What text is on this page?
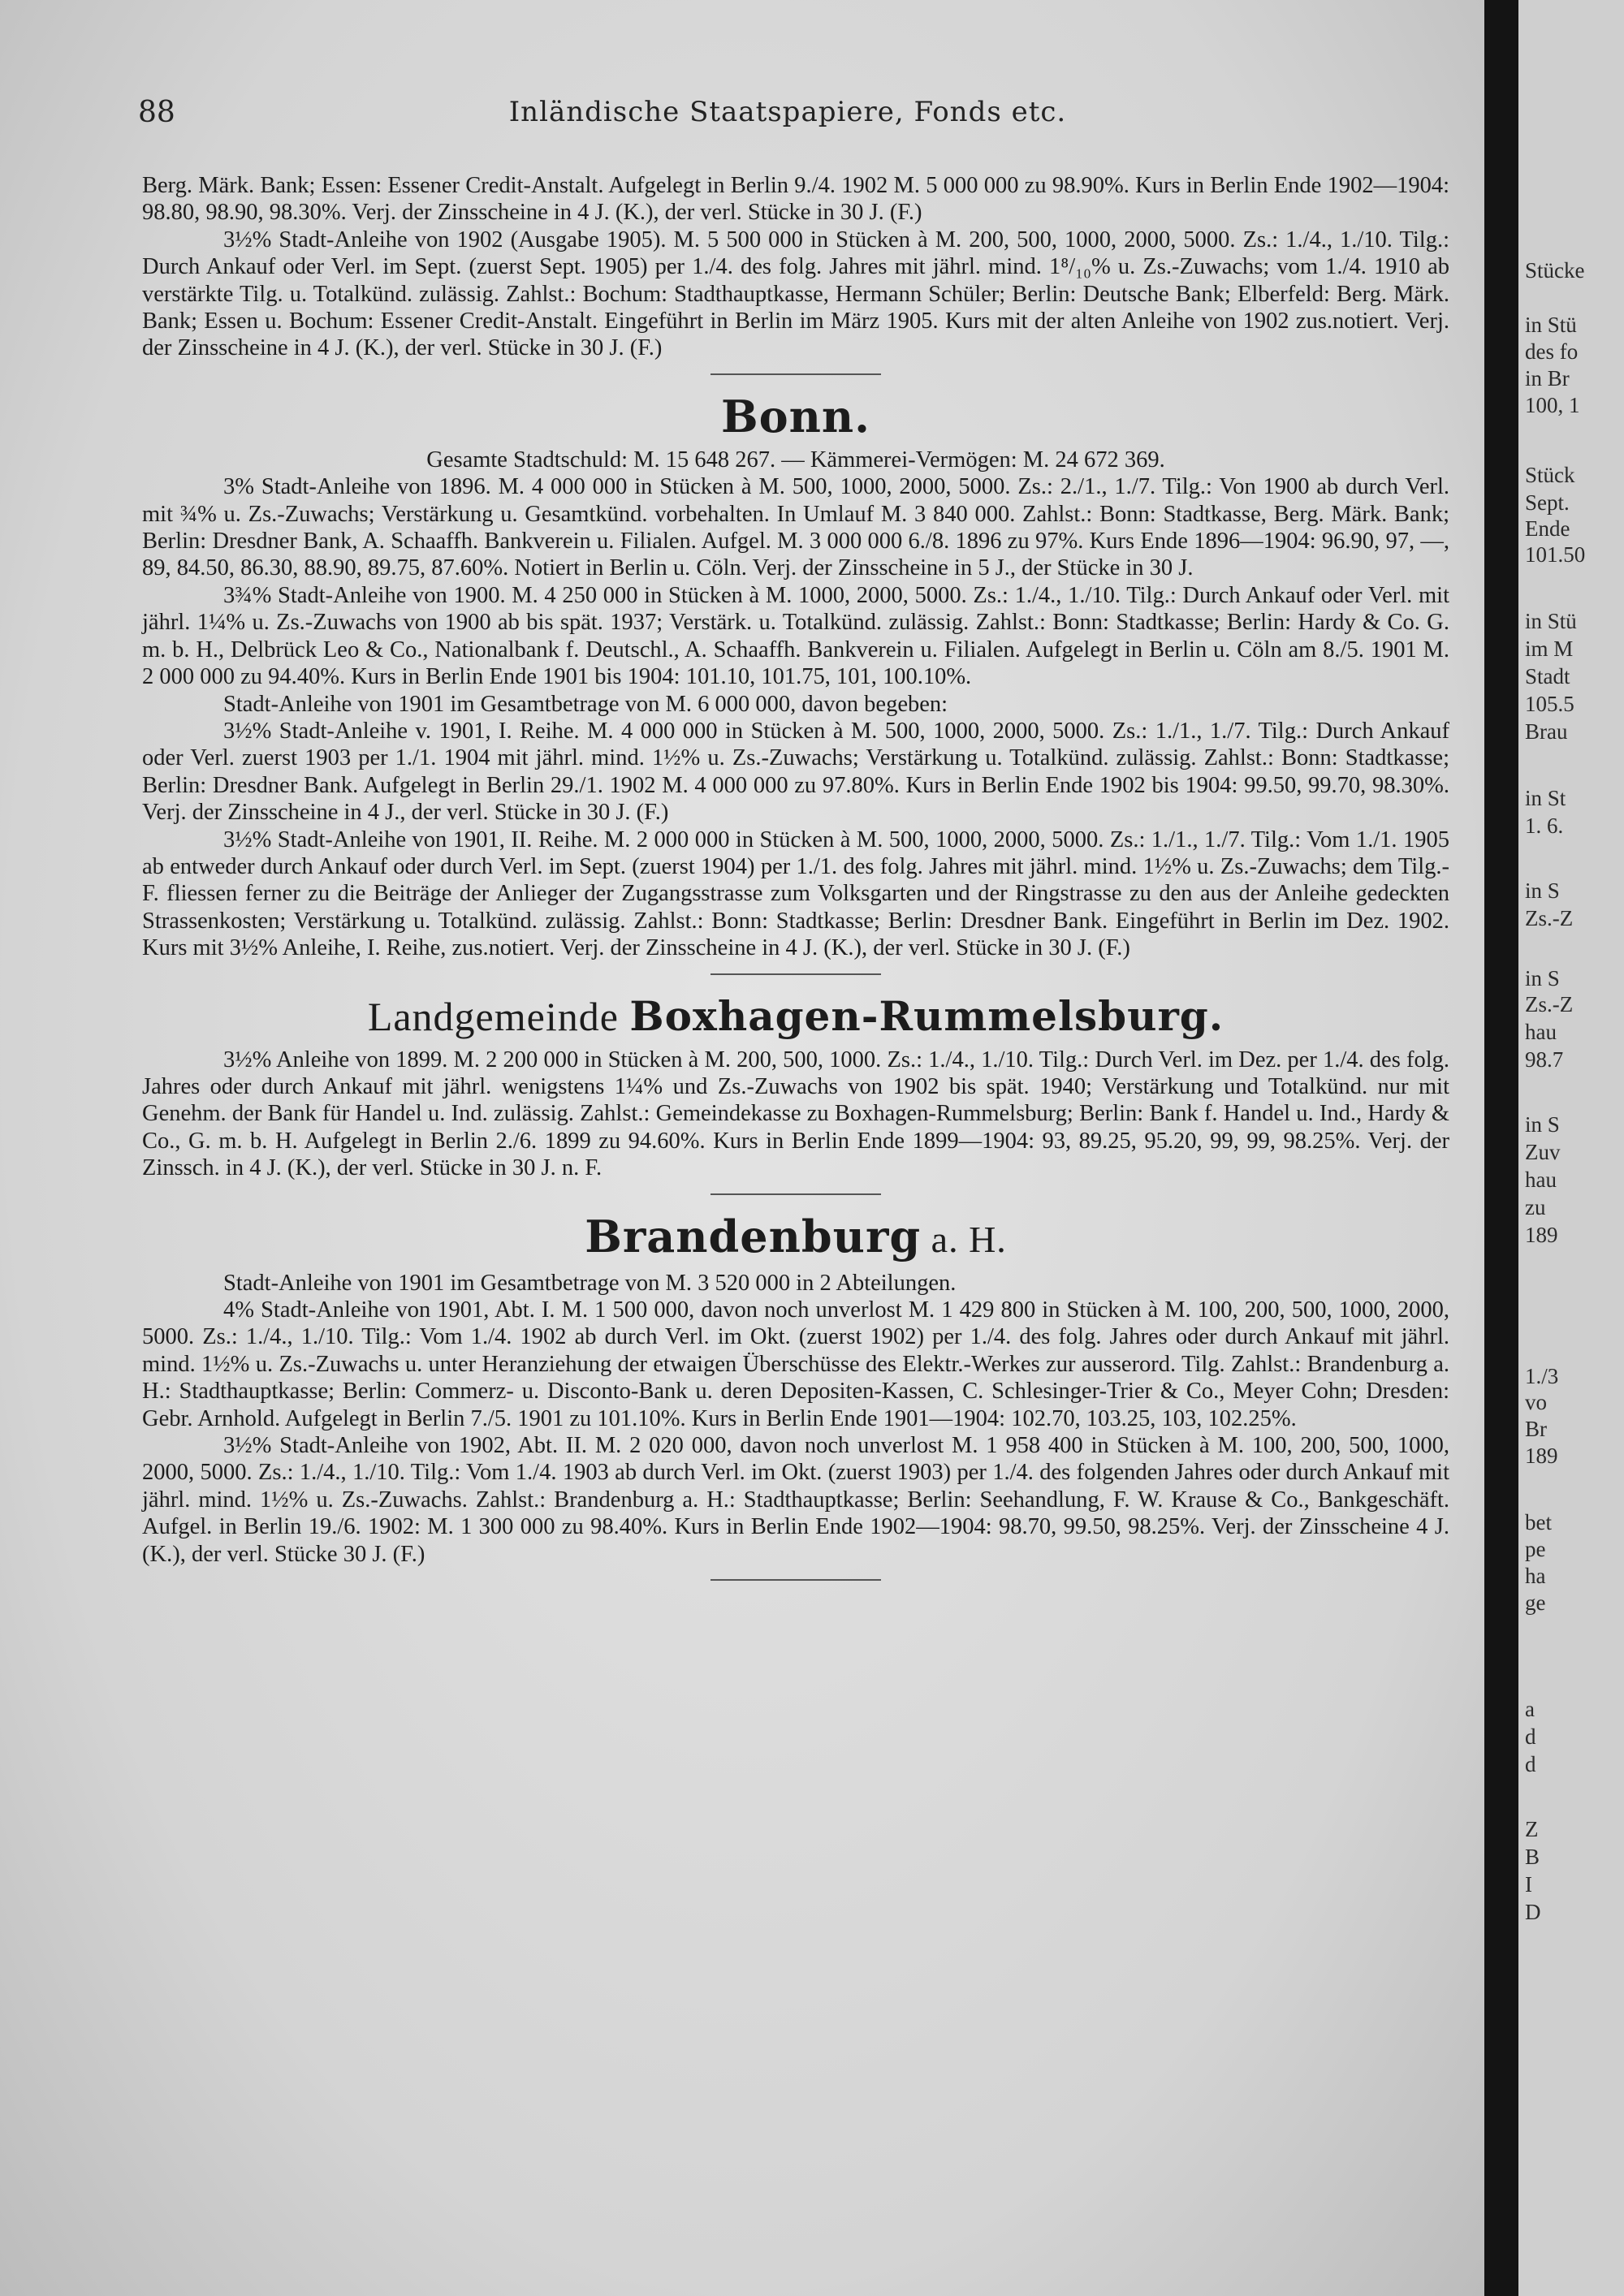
88	Inländische Staatspapiere, Fonds etc.

Berg. Märk. Bank; Essen: Essener Credit-Anstalt. Aufgelegt in Berlin 9./4. 1902 M. 5 000 000 zu 98.90%. Kurs in Berlin Ende 1902—1904: 98.80, 98.90, 98.30%. Verj. der Zinsscheine in 4 J. (K.), der verl. Stücke in 30 J. (F.)

3½% Stadt-Anleihe von 1902 (Ausgabe 1905). M. 5 500 000 in Stücken à M. 200, 500, 1000, 2000, 5000. Zs.: 1./4., 1./10. Tilg.: Durch Ankauf oder Verl. im Sept. (zuerst Sept. 1905) per 1./4. des folg. Jahres mit jährl. mind. 1⁸/₁₀% u. Zs.-Zuwachs; vom 1./4. 1910 ab verstärkte Tilg. u. Totalkünd. zulässig. Zahlst.: Bochum: Stadthauptkasse, Hermann Schüler; Berlin: Deutsche Bank; Elberfeld: Berg. Märk. Bank; Essen u. Bochum: Essener Credit-Anstalt. Eingeführt in Berlin im März 1905. Kurs mit der alten Anleihe von 1902 zus.notiert. Verj. der Zinsscheine in 4 J. (K.), der verl. Stücke in 30 J. (F.)

Bonn.

Gesamte Stadtschuld: M. 15 648 267. — Kämmerei-Vermögen: M. 24 672 369.

3% Stadt-Anleihe von 1896. M. 4 000 000 in Stücken à M. 500, 1000, 2000, 5000. Zs.: 2./1., 1./7. Tilg.: Von 1900 ab durch Verl. mit ¾% u. Zs.-Zuwachs; Verstärkung u. Gesamtkünd. vorbehalten. In Umlauf M. 3 840 000. Zahlst.: Bonn: Stadtkasse, Berg. Märk. Bank; Berlin: Dresdner Bank, A. Schaaffh. Bankverein u. Filialen. Aufgel. M. 3 000 000 6./8. 1896 zu 97%. Kurs Ende 1896—1904: 96.90, 97, —, 89, 84.50, 86.30, 88.90, 89.75, 87.60%. Notiert in Berlin u. Cöln. Verj. der Zinsscheine in 5 J., der Stücke in 30 J.

3¾% Stadt-Anleihe von 1900. M. 4 250 000 in Stücken à M. 1000, 2000, 5000. Zs.: 1./4., 1./10. Tilg.: Durch Ankauf oder Verl. mit jährl. 1¼% u. Zs.-Zuwachs von 1900 ab bis spät. 1937; Verstärk. u. Totalkünd. zulässig. Zahlst.: Bonn: Stadtkasse; Berlin: Hardy & Co. G. m. b. H., Delbrück Leo & Co., Nationalbank f. Deutschl., A. Schaaffh. Bankverein u. Filialen. Aufgelegt in Berlin u. Cöln am 8./5. 1901 M. 2 000 000 zu 94.40%. Kurs in Berlin Ende 1901 bis 1904: 101.10, 101.75, 101, 100.10%.

Stadt-Anleihe von 1901 im Gesamtbetrage von M. 6 000 000, davon begeben:

3½% Stadt-Anleihe v. 1901, I. Reihe. M. 4 000 000 in Stücken à M. 500, 1000, 2000, 5000. Zs.: 1./1., 1./7. Tilg.: Durch Ankauf oder Verl. zuerst 1903 per 1./1. 1904 mit jährl. mind. 1½% u. Zs.-Zuwachs; Verstärkung u. Totalkünd. zulässig. Zahlst.: Bonn: Stadtkasse; Berlin: Dresdner Bank. Aufgelegt in Berlin 29./1. 1902 M. 4 000 000 zu 97.80%. Kurs in Berlin Ende 1902 bis 1904: 99.50, 99.70, 98.30%. Verj. der Zinsscheine in 4 J., der verl. Stücke in 30 J. (F.)

3½% Stadt-Anleihe von 1901, II. Reihe. M. 2 000 000 in Stücken à M. 500, 1000, 2000, 5000. Zs.: 1./1., 1./7. Tilg.: Vom 1./1. 1905 ab entweder durch Ankauf oder durch Verl. im Sept. (zuerst 1904) per 1./1. des folg. Jahres mit jährl. mind. 1½% u. Zs.-Zuwachs; dem Tilg.-F. fliessen ferner zu die Beiträge der Anlieger der Zugangsstrasse zum Volksgarten und der Ringstrasse zu den aus der Anleihe gedeckten Strassenkosten; Verstärkung u. Totalkünd. zulässig. Zahlst.: Bonn: Stadtkasse; Berlin: Dresdner Bank. Eingeführt in Berlin im Dez. 1902. Kurs mit 3½% Anleihe, I. Reihe, zus.notiert. Verj. der Zinsscheine in 4 J. (K.), der verl. Stücke in 30 J. (F.)

Landgemeinde Boxhagen-Rummelsburg.

3½% Anleihe von 1899. M. 2 200 000 in Stücken à M. 200, 500, 1000. Zs.: 1./4., 1./10. Tilg.: Durch Verl. im Dez. per 1./4. des folg. Jahres oder durch Ankauf mit jährl. wenigstens 1¼% und Zs.-Zuwachs von 1902 bis spät. 1940; Verstärkung und Totalkünd. nur mit Genehm. der Bank für Handel u. Ind. zulässig. Zahlst.: Gemeindekasse zu Boxhagen-Rummelsburg; Berlin: Bank f. Handel u. Ind., Hardy & Co., G. m. b. H. Aufgelegt in Berlin 2./6. 1899 zu 94.60%. Kurs in Berlin Ende 1899—1904: 93, 89.25, 95.20, 99, 99, 98.25%. Verj. der Zinssch. in 4 J. (K.), der verl. Stücke in 30 J. n. F.

Brandenburg a. H.

Stadt-Anleihe von 1901 im Gesamtbetrage von M. 3 520 000 in 2 Abteilungen.

4% Stadt-Anleihe von 1901, Abt. I. M. 1 500 000, davon noch unverlost M. 1 429 800 in Stücken à M. 100, 200, 500, 1000, 2000, 5000. Zs.: 1./4., 1./10. Tilg.: Vom 1./4. 1902 ab durch Verl. im Okt. (zuerst 1902) per 1./4. des folg. Jahres oder durch Ankauf mit jährl. mind. 1½% u. Zs.-Zuwachs u. unter Heranziehung der etwaigen Überschüsse des Elektr.-Werkes zur ausserord. Tilg. Zahlst.: Brandenburg a. H.: Stadthauptkasse; Berlin: Commerz- u. Disconto-Bank u. deren Depositen-Kassen, C. Schlesinger-Trier & Co., Meyer Cohn; Dresden: Gebr. Arnhold. Aufgelegt in Berlin 7./5. 1901 zu 101.10%. Kurs in Berlin Ende 1901—1904: 102.70, 103.25, 103, 102.25%.

3½% Stadt-Anleihe von 1902, Abt. II. M. 2 020 000, davon noch unverlost M. 1 958 400 in Stücken à M. 100, 200, 500, 1000, 2000, 5000. Zs.: 1./4., 1./10. Tilg.: Vom 1./4. 1903 ab durch Verl. im Okt. (zuerst 1903) per 1./4. des folgenden Jahres oder durch Ankauf mit jährl. mind. 1½% u. Zs.-Zuwachs. Zahlst.: Brandenburg a. H.: Stadthauptkasse; Berlin: Seehandlung, F. W. Krause & Co., Bankgeschäft. Aufgel. in Berlin 19./6. 1902: M. 1 300 000 zu 98.40%. Kurs in Berlin Ende 1902—1904: 98.70, 99.50, 98.25%. Verj. der Zinsscheine 4 J. (K.), der verl. Stücke 30 J. (F.)

Stücke
in Stü
des fo
in Br
100, 1
Stück
Sept.
Ende
101.50
in Stü
im M
Stadt
105.5
Brau
in St
1. 6.
in S
Zs.-Z
in S
Zs.-Z
hau
98.7
in S
Zuv
hau
zu
189
1./3
vo
Br
189
bet
pe
ha
ge
a
d
d
Z
B
I
D
